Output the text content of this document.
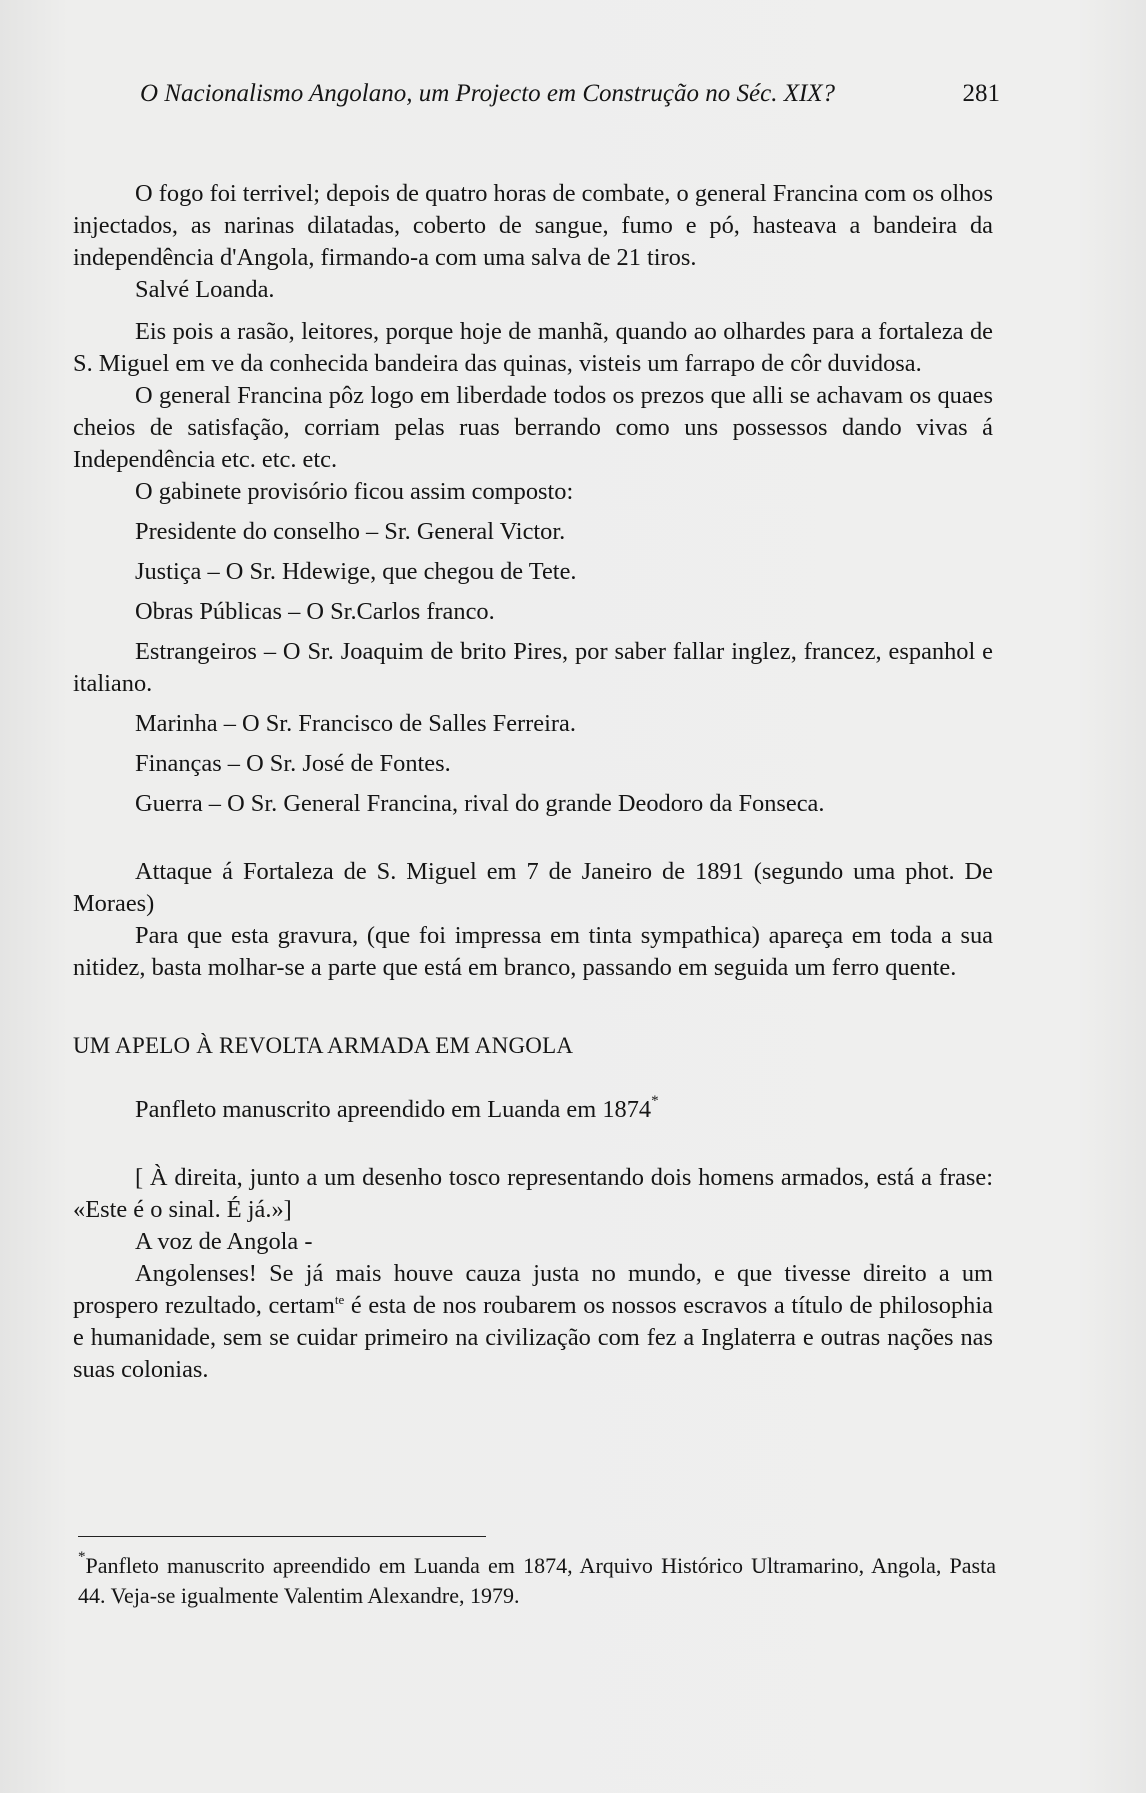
O Nacionalismo Angolano, um Projecto em Construção no Séc. XIX?	281

O fogo foi terrivel; depois de quatro horas de combate, o general Francina com os olhos injectados, as narinas dilatadas, coberto de sangue, fumo e pó, hasteava a bandeira da independência d'Angola, firmando-a com uma salva de 21 tiros.

Salvé Loanda.

Eis pois a rasão, leitores, porque hoje de manhã, quando ao olhardes para a fortaleza de S. Miguel em ve da conhecida bandeira das quinas, visteis um farrapo de côr duvidosa.

O general Francina pôz logo em liberdade todos os prezos que alli se achavam os quaes cheios de satisfação, corriam pelas ruas berrando como uns possessos dando vivas á Independência etc. etc. etc.

O gabinete provisório ficou assim composto:

Presidente do conselho – Sr. General Victor.

Justiça – O Sr. Hdewige, que chegou de Tete.

Obras Públicas – O Sr.Carlos franco.

Estrangeiros – O Sr. Joaquim de brito Pires, por saber fallar inglez, francez, espanhol e italiano.

Marinha – O Sr. Francisco de Salles Ferreira.

Finanças – O Sr. José de Fontes.

Guerra – O Sr. General Francina, rival do grande Deodoro da Fonseca.

Attaque á Fortaleza de S. Miguel em 7 de Janeiro de 1891 (segundo uma phot. De Moraes)

Para que esta gravura, (que foi impressa em tinta sympathica) apareça em toda a sua nitidez, basta molhar-se a parte que está em branco, passando em seguida um ferro quente.

UM APELO À REVOLTA ARMADA EM ANGOLA

Panfleto manuscrito apreendido em Luanda em 1874*

[ À direita, junto a um desenho tosco representando dois homens armados, está a frase: «Este é o sinal. É já.»]

A voz de Angola -

Angolenses! Se já mais houve cauza justa no mundo, e que tivesse direito a um prospero rezultado, certam$^{te}$ é esta de nos roubarem os nossos escravos a título de philosophia e humanidade, sem se cuidar primeiro na civilização com fez a Inglaterra e outras nações nas suas colonias.

*Panfleto manuscrito apreendido em Luanda em 1874, Arquivo Histórico Ultramarino, Angola, Pasta 44. Veja-se igualmente Valentim Alexandre, 1979.
